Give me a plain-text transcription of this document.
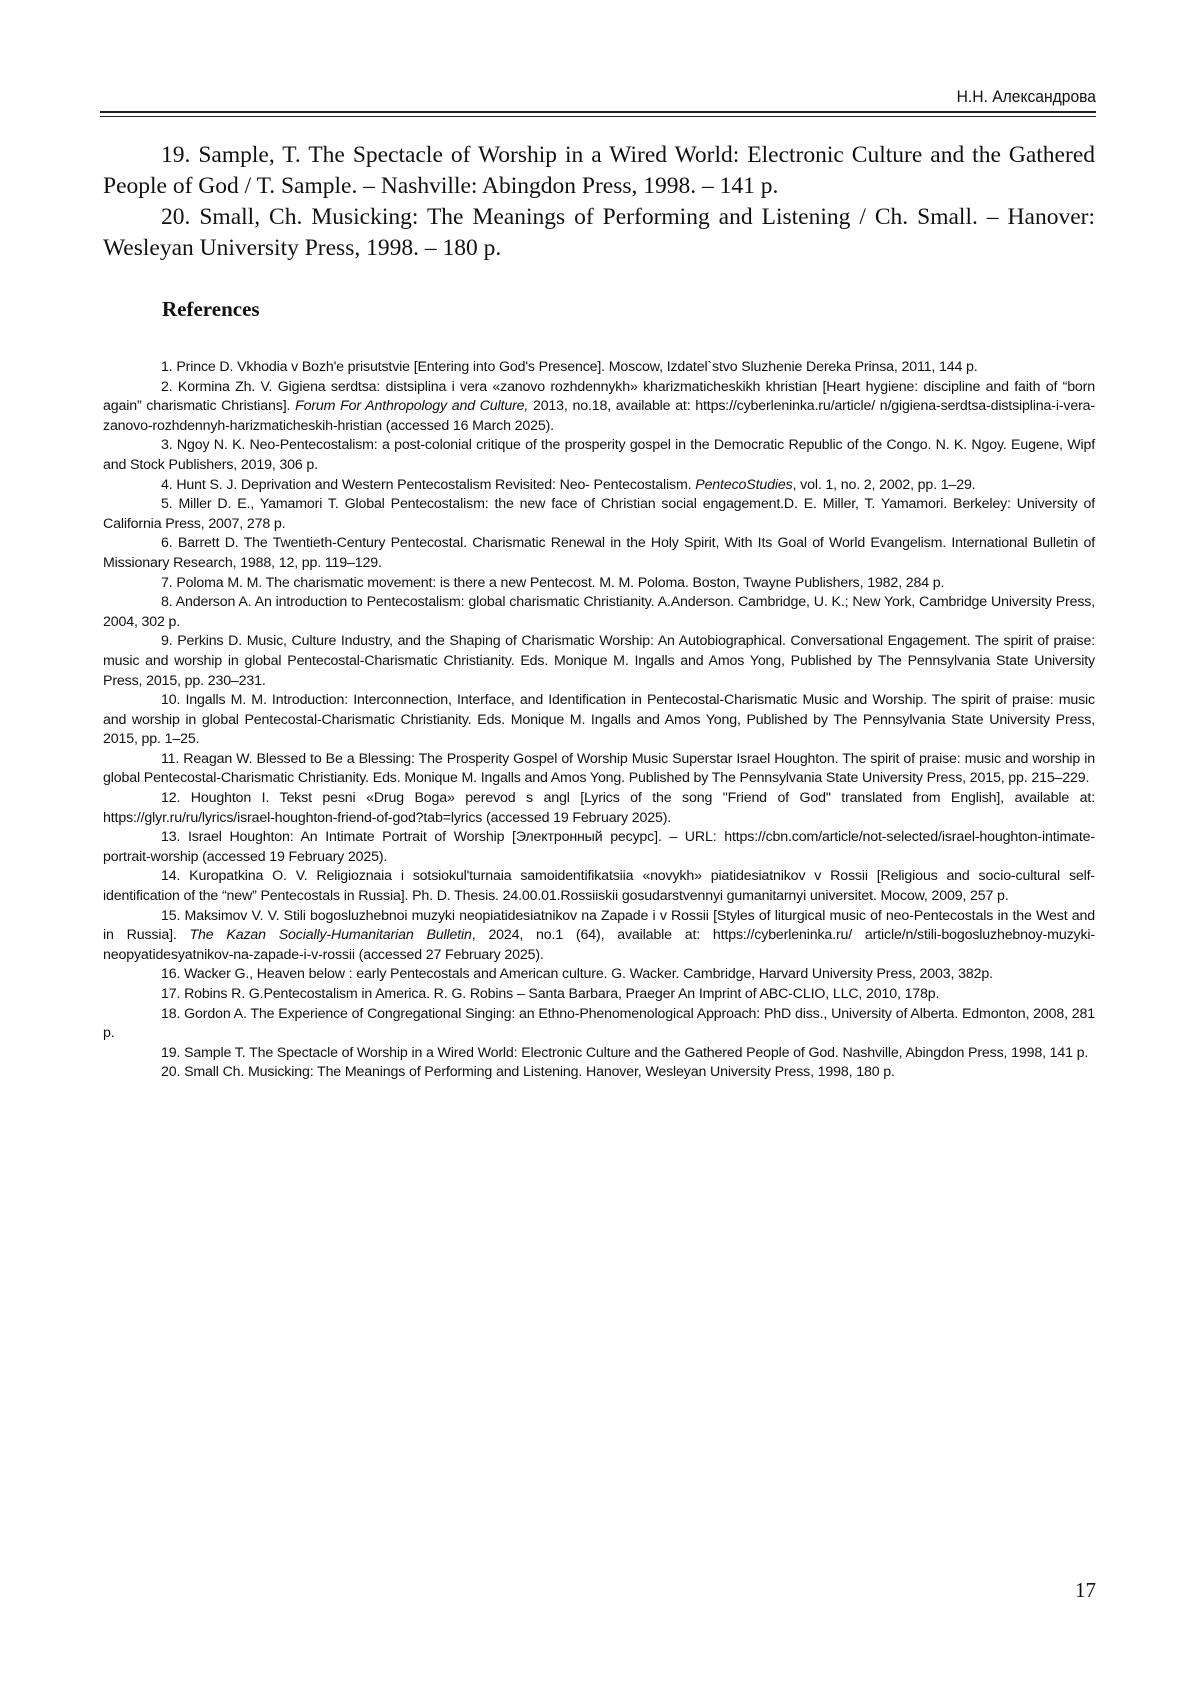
Н.Н. Александрова

19. Sample, T. The Spectacle of Worship in a Wired World: Electronic Culture and the Gathered People of God / T. Sample. – Nashville: Abingdon Press, 1998. – 141 p.

20. Small, Ch. Musicking: The Meanings of Performing and Listening / Ch. Small. – Hanover: Wesleyan University Press, 1998. – 180 p.

References

1. Prince D. Vkhodia v Bozh'e prisutstvie [Entering into God's Presence]. Moscow, Izdatel`stvo Sluzhenie Dereka Prinsa, 2011, 144 p.

2. Kormina Zh. V. Gigiena serdtsa: distsiplina i vera «zanovo rozhdennykh» kharizmaticheskikh khristian [Heart hygiene: discipline and faith of “born again” charismatic Christians]. Forum For Anthropology and Culture, 2013, no.18, available at: https://cyberleninka.ru/article/ n/gigiena-serdtsa-distsiplina-i-vera-zanovo-rozhdennyh-harizmaticheskih-hristian (accessed 16 March 2025).

3. Ngoy N. K. Neo-Pentecostalism: a post-colonial critique of the prosperity gospel in the Democratic Republic of the Congo. N. K. Ngoy. Eugene, Wipf and Stock Publishers, 2019, 306 p.

4. Hunt S. J. Deprivation and Western Pentecostalism Revisited: Neo- Pentecostalism. PentecoStudies, vol. 1, no. 2, 2002, pp. 1–29.

5. Miller D. E., Yamamori T. Global Pentecostalism: the new face of Christian social engagement.D. E. Miller, T. Yamamori. Berkeley: University of California Press, 2007, 278 p.

6. Barrett D. The Twentieth-Century Pentecostal. Charismatic Renewal in the Holy Spirit, With Its Goal of World Evangelism. International Bulletin of Missionary Research, 1988, 12, pp. 119–129.

7. Poloma M. M. The charismatic movement: is there a new Pentecost. M. M. Poloma. Boston, Twayne Publishers, 1982, 284 p.

8. Anderson A. An introduction to Pentecostalism: global charismatic Christianity. A.Anderson. Cambridge, U. K.; New York, Cambridge University Press, 2004, 302 p.

9. Perkins D. Music, Culture Industry, and the Shaping of Charismatic Worship: An Autobiographical. Conversational Engagement. The spirit of praise: music and worship in global Pentecostal-Charismatic Christianity. Eds. Monique M. Ingalls and Amos Yong, Published by The Pennsylvania State University Press, 2015, pp. 230–231.

10. Ingalls M. M. Introduction: Interconnection, Interface, and Identification in Pentecostal-Charismatic Music and Worship. The spirit of praise: music and worship in global Pentecostal-Charismatic Christianity. Eds. Monique M. Ingalls and Amos Yong, Published by The Pennsylvania State University Press, 2015, pp. 1–25.

11. Reagan W. Blessed to Be a Blessing: The Prosperity Gospel of Worship Music Superstar Israel Houghton. The spirit of praise: music and worship in global Pentecostal-Charismatic Christianity. Eds. Monique M. Ingalls and Amos Yong. Published by The Pennsylvania State University Press, 2015, pp. 215–229.

12. Houghton I. Tekst pesni «Drug Boga» perevod s angl [Lyrics of the song "Friend of God" translated from English], available at: https://glyr.ru/ru/lyrics/israel-houghton-friend-of-god?tab=lyrics (accessed 19 February 2025).

13. Israel Houghton: An Intimate Portrait of Worship [Электронный ресурс]. – URL: https://cbn.com/article/not-selected/israel-houghton-intimate-portrait-worship (accessed 19 February 2025).

14. Kuropatkina O. V. Religioznaia i sotsiokul'turnaia samoidentifikatsiia «novykh» piatidesiatnikov v Rossii [Religious and socio-cultural self-identification of the “new” Pentecostals in Russia]. Ph. D. Thesis. 24.00.01.Rossiiskii gosudarstvennyi gumanitarnyi universitet. Mocow, 2009, 257 p.

15. Maksimov V. V. Stili bogosluzhebnoi muzyki neopiatidesiatnikov na Zapade i v Rossii [Styles of liturgical music of neo-Pentecostals in the West and in Russia]. The Kazan Socially-Humanitarian Bulletin, 2024, no.1 (64), available at: https://cyberleninka.ru/ article/n/stili-bogosluzhebnoy-muzyki-neopyatidesyatnikov-na-zapade-i-v-rossii (accessed 27 February 2025).

16. Wacker G., Heaven below : early Pentecostals and American culture. G. Wacker. Cambridge, Harvard University Press, 2003, 382p.

17. Robins R. G.Pentecostalism in America. R. G. Robins – Santa Barbara, Praeger An Imprint of ABC-CLIO, LLC, 2010, 178p.

18. Gordon A. The Experience of Congregational Singing: an Ethno-Phenomenological Approach: PhD diss., University of Alberta. Edmonton, 2008, 281 p.

19. Sample T. The Spectacle of Worship in a Wired World: Electronic Culture and the Gathered People of God. Nashville, Abingdon Press, 1998, 141 p.

20. Small Ch. Musicking: The Meanings of Performing and Listening. Hanover, Wesleyan University Press, 1998, 180 p.

17
